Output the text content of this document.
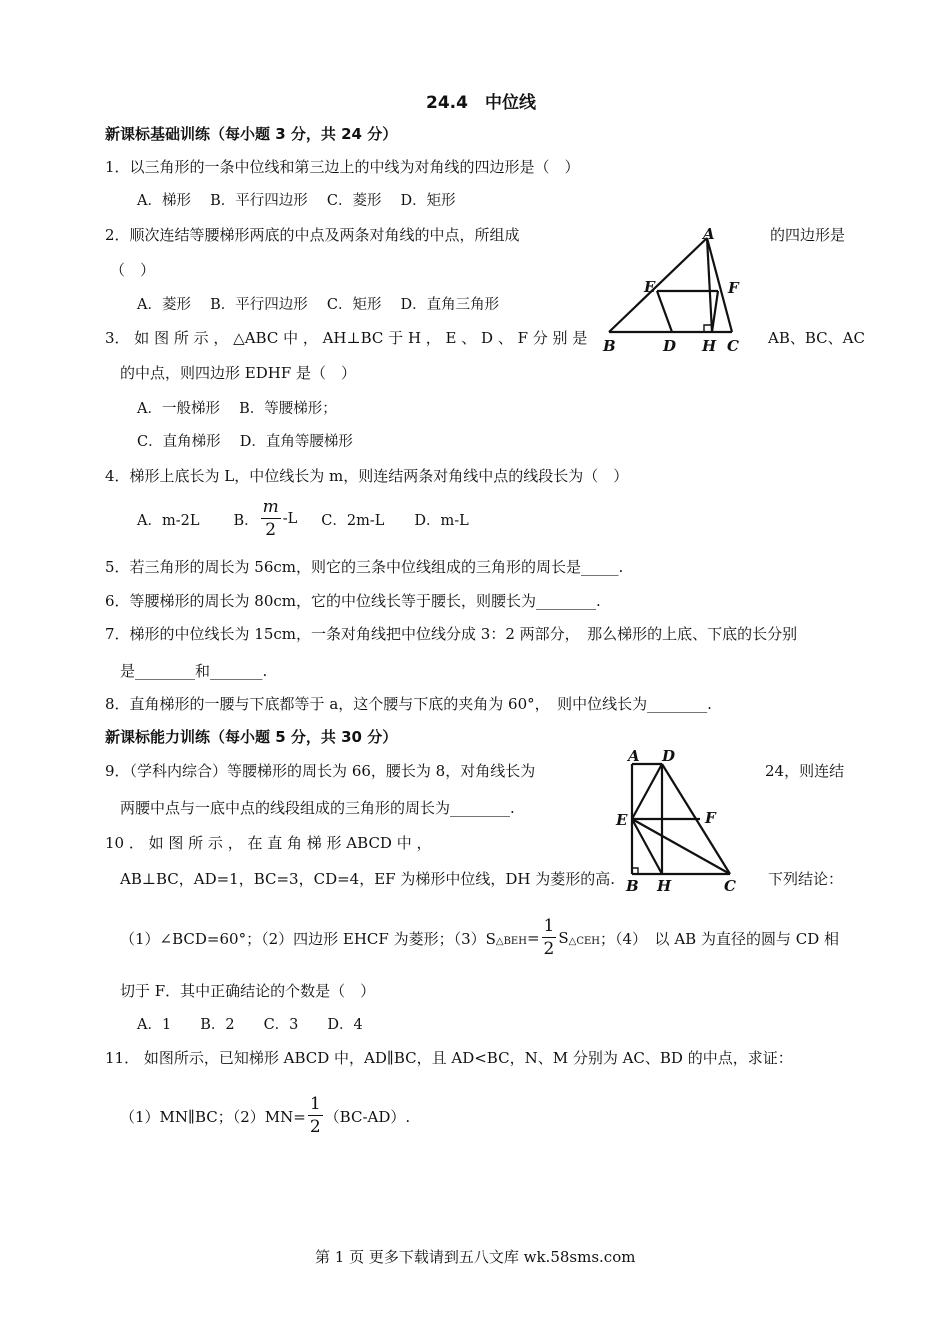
24.4　中位线
新课标基础训练（每小题 3 分，共 24 分）
1．以三角形的一条中位线和第三边上的中线为对角线的四边形是（　）
A．梯形　 B．平行四边形　 C．菱形　 D．矩形
2．顺次连结等腰梯形两底的中点及两条对角线的中点，所组成	的四边形是
（　）
A．菱形　 B．平行四边形　 C．矩形　 D．直角三角形
3． 如 图 所 示 ， △ABC 中 ， AH⊥BC 于 H ， E 、 D 、 F 分 别 是	AB、BC、AC
的中点，则四边形 EDHF 是（　）
A．一般梯形　 B．等腰梯形；
C．直角梯形　 D．直角等腰梯形
A
E	F
B	D H C
4．梯形上底长为 L，中位线长为 m，则连结两条对角线中点的线段长为（　）
A．m-2L B． $\frac{m}{2} -L$ C．2m-L D．m-L
5．若三角形的周长为 56cm，则它的三条中位线组成的三角形的周长是_____.
6．等腰梯形的周长为 80cm，它的中位线长等于腰长，则腰长为________.
7．梯形的中位线长为 15cm，一条对角线把中位线分成 3：2 两部分，　那么梯形的上底、下底的长分别
是________和_______.
8．直角梯形的一腰与下底都等于 a，这个腰与下底的夹角为 60°，　则中位线长为________.
新课标能力训练（每小题 5 分，共 30 分）
9．（学科内综合）等腰梯形的周长为 66，腰长为 8，对角线长为	24，则连结
两腰中点与一底中点的线段组成的三角形的周长为________.
10 ． 如 图 所 示 ， 在 直 角 梯 形 ABCD 中 ，
AB⊥BC，AD=1，BC=3，CD=4，EF 为梯形中位线，DH 为菱形的高.	下列结论：
A D
E	F
B H	C
（1）∠BCD=60°；（2）四边形 EHCF 为菱形；（3）S △BEH = $\frac{1}{2}$ S △CEH ；（4）　以 AB 为直径的圆与 CD 相
切于 F．其中正确结论的个数是（　）
A．1　　B．2　　C．3　　D．4
11． 如图所示，已知梯形 ABCD 中，AD∥BC，且 AD<BC，N、M 分别为 AC、BD 的中点，求证：
（1）MN∥BC；$(2)MN= \frac{1}{2} (BC-AD)$.
第 1 页 更多下载请到五八文库 wk.58sms.com
